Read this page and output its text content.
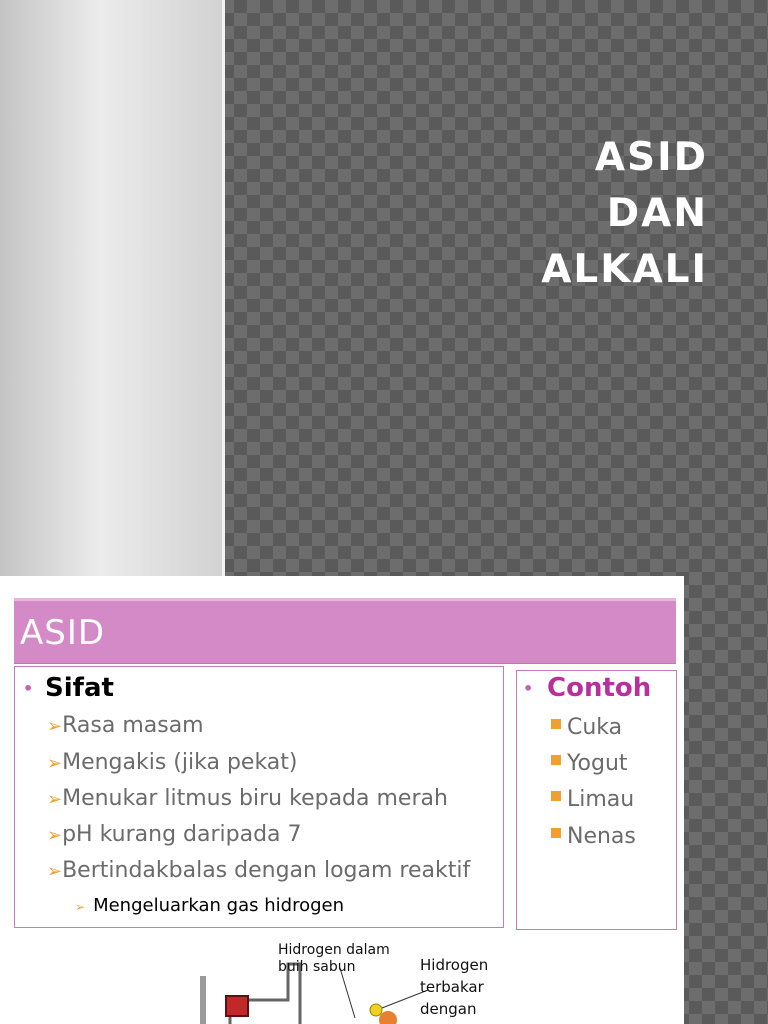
ASID
DAN
ALKALI
ASID
• Sifat
➢Rasa masam
➢Mengakis (jika pekat)
➢Menukar litmus biru kepada merah
➢pH kurang daripada 7
➢Bertindakbalas dengan logam reaktif
➢ Mengeluarkan gas hidrogen
• Contoh
Cuka
Yogut
Limau
Nenas
Hidrogen dalam
buih sabun	Hidrogen
terbakar
dengan
